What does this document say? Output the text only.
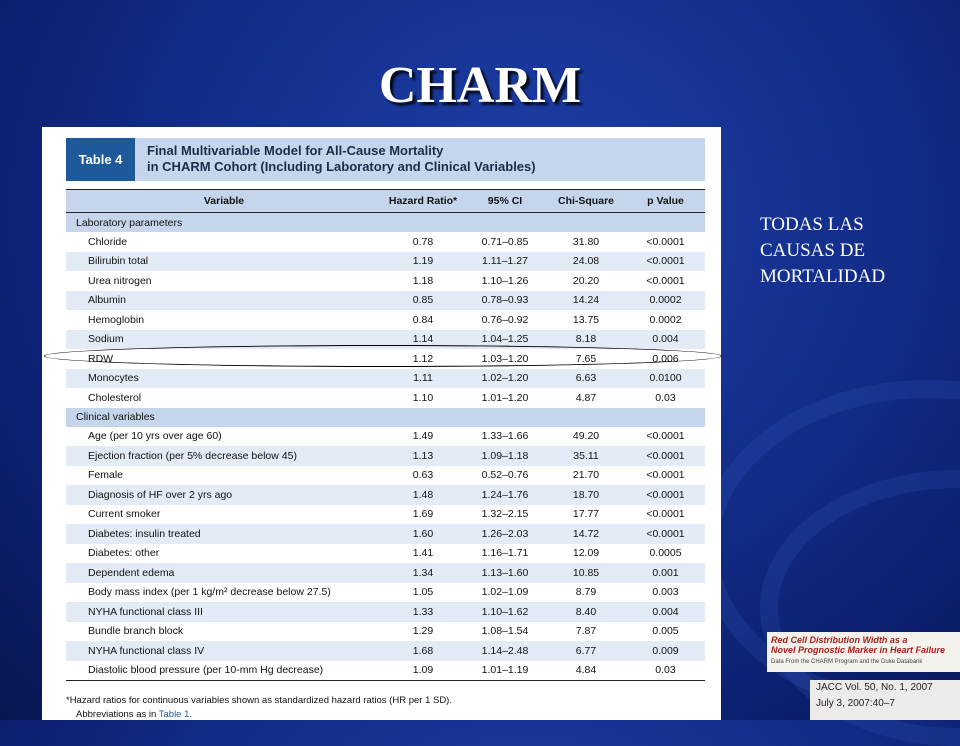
CHARM
Table 4
Final Multivariable Model for All-Cause Mortality
in CHARM Cohort (Including Laboratory and Clinical Variables)
Variable	Hazard Ratio*	95% CI	Chi-Square	p Value
Laboratory parameters
Chloride	0.78	0.71–0.85	31.80	<0.0001
Bilirubin total	1.19	1.11–1.27	24.08	<0.0001
Urea nitrogen	1.18	1.10–1.26	20.20	<0.0001
Albumin	0.85	0.78–0.93	14.24	0.0002
Hemoglobin	0.84	0.76–0.92	13.75	0.0002
Sodium	1.14	1.04–1.25	8.18	0.004
RDW	1.12	1.03–1.20	7.65	0.006
Monocytes	1.11	1.02–1.20	6.63	0.0100
Cholesterol	1.10	1.01–1.20	4.87	0.03
Clinical variables
Age (per 10 yrs over age 60)	1.49	1.33–1.66	49.20	<0.0001
Ejection fraction (per 5% decrease below 45)	1.13	1.09–1.18	35.11	<0.0001
Female	0.63	0.52–0.76	21.70	<0.0001
Diagnosis of HF over 2 yrs ago	1.48	1.24–1.76	18.70	<0.0001
Current smoker	1.69	1.32–2.15	17.77	<0.0001
Diabetes: insulin treated	1.60	1.26–2.03	14.72	<0.0001
Diabetes: other	1.41	1.16–1.71	12.09	0.0005
Dependent edema	1.34	1.13–1.60	10.85	0.001
Body mass index (per 1 kg/m² decrease below 27.5)	1.05	1.02–1.09	8.79	0.003
NYHA functional class III	1.33	1.10–1.62	8.40	0.004
Bundle branch block	1.29	1.08–1.54	7.87	0.005
NYHA functional class IV	1.68	1.14–2.48	6.77	0.009
Diastolic blood pressure (per 10-mm Hg decrease)	1.09	1.01–1.19	4.84	0.03
*Hazard ratios for continuous variables shown as standardized hazard ratios (HR per 1 SD).
Abbreviations as in Table 1.
TODAS LAS
CAUSAS DE
MORTALIDAD
Red Cell Distribution Width as a
Novel Prognostic Marker in Heart Failure
Data From the CHARM Program and the Duke Databank
JACC Vol. 50, No. 1, 2007
July 3, 2007:40–7
